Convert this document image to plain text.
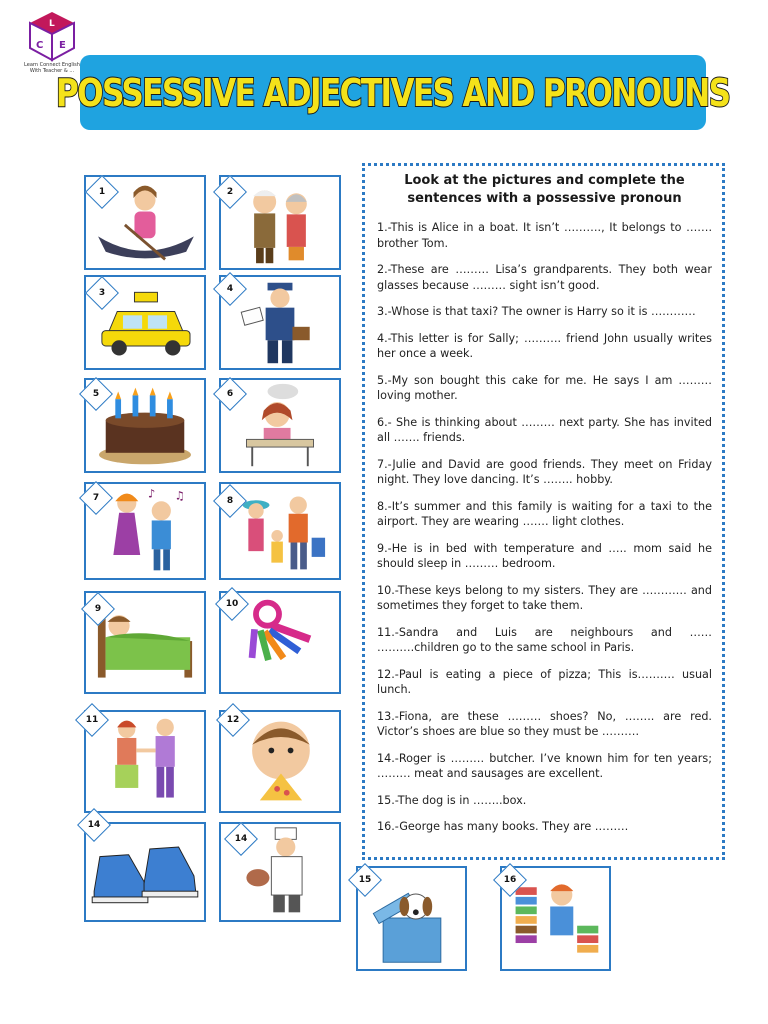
L
C E
Learn Connect English With Teacher & ...
POSSESSIVE ADJECTIVES AND PRONOUNS
1	2
3	4
5	6
♪ ♫
7	8
9	10
11	12
14
14
15	16
Look at the pictures and complete the
sentences with a possessive pronoun

1.-This is Alice in a boat. It isn’t ………., It belongs to ……. brother Tom.

2.-These are ……… Lisa’s grandparents. They both wear glasses because ……… sight isn’t good.

3.-Whose is that taxi? The owner is Harry so it is …………

4.-This letter is for Sally; ………. friend John usually writes her once a week.

5.-My son bought this cake for me. He says I am ……… loving mother.

6.- She is thinking about ……… next party. She has invited all ……. friends.

7.-Julie and David are good friends. They meet on Friday night. They love dancing. It’s …….. hobby.

8.-It’s summer and this family is waiting for a taxi to the airport. They are wearing ……. light clothes.

9.-He is in bed with temperature and ….. mom said he should sleep in ……… bedroom.

10.-These keys belong to my sisters. They are ………… and sometimes they forget to take them.

11.-Sandra and Luis are neighbours and …… ……….children go to the same school in Paris.

12.-Paul is eating a piece of pizza; This is………. usual lunch.

13.-Fiona, are these ……… shoes? No, …….. are red. Victor’s shoes are blue so they must be ……….

14.-Roger is ……… butcher. I’ve known him for ten years; ……… meat and sausages are excellent.

15.-The dog is in ……..box.

16.-George has many books. They are ………
